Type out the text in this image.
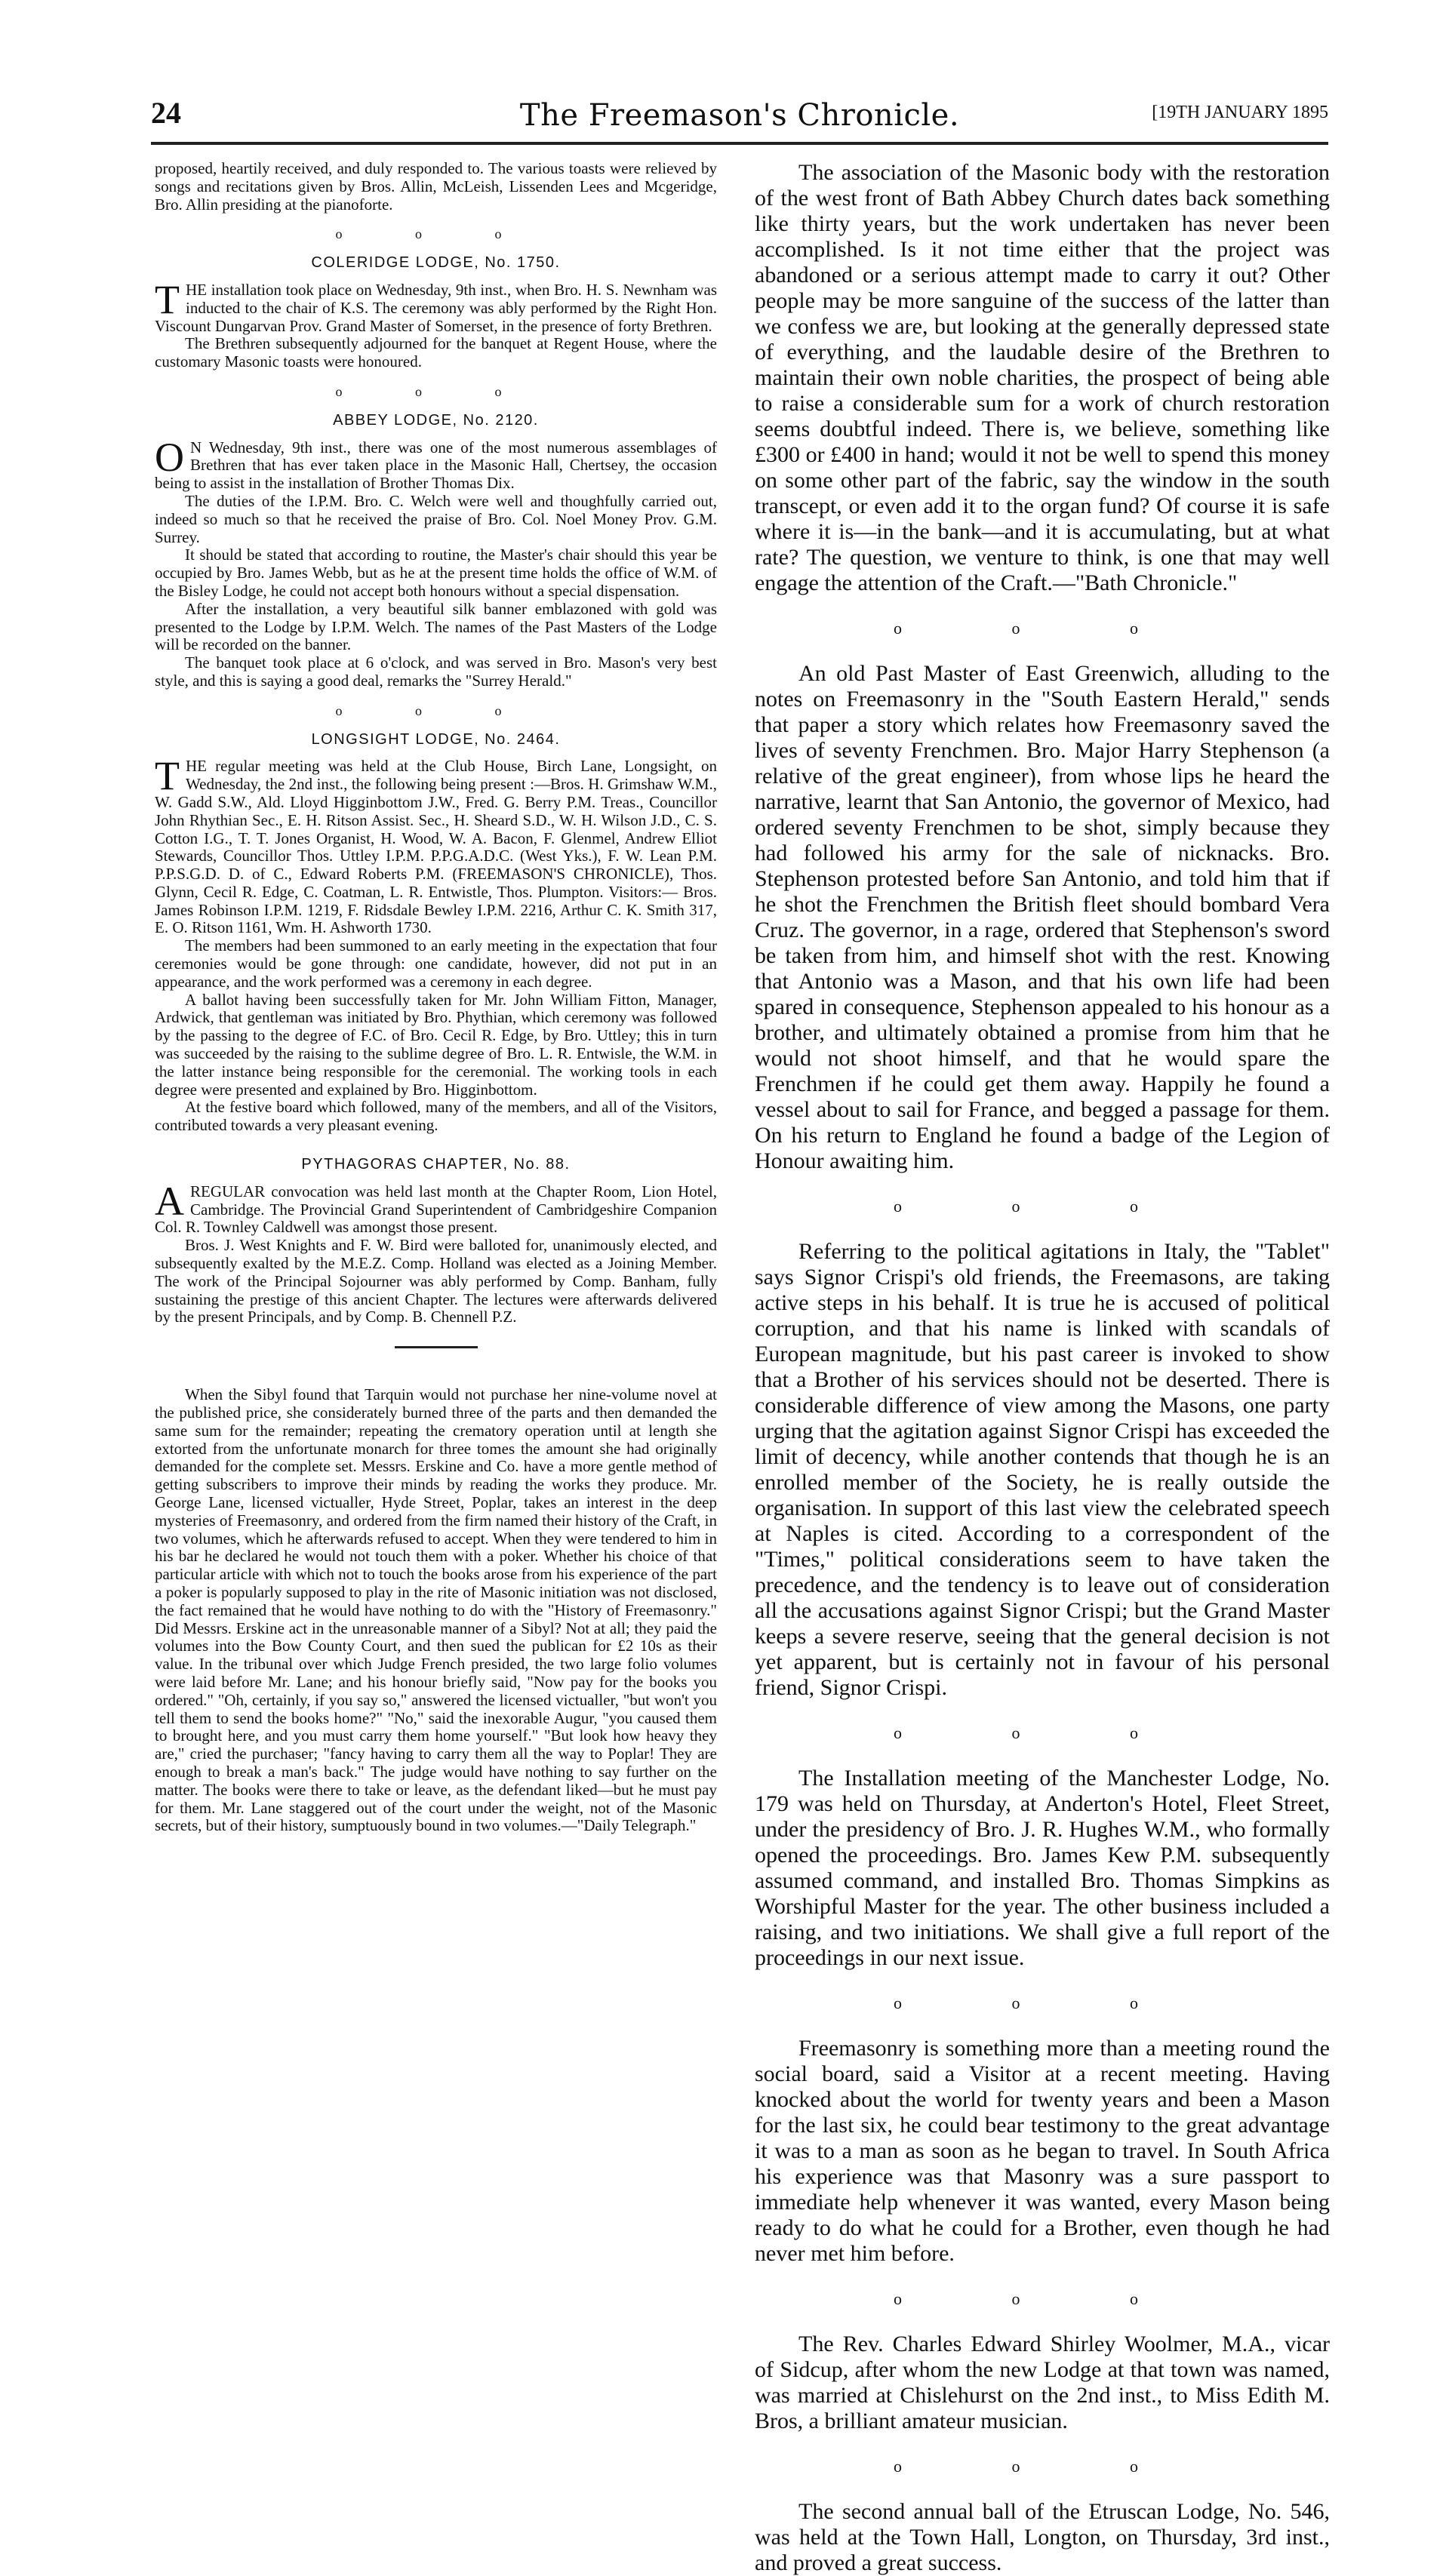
24	The Freemason's Chronicle.	[19TH JANUARY 1895

proposed, heartily received, and duly responded to. The various toasts were relieved by songs and recitations given by Bros. Allin, McLeish, Lissenden Lees and Mcgeridge, Bro. Allin presiding at the pianoforte.

o o o
COLERIDGE LODGE, No. 1750.

THE installation took place on Wednesday, 9th inst., when Bro. H. S. Newnham was inducted to the chair of K.S. The ceremony was ably performed by the Right Hon. Viscount Dungarvan Prov. Grand Master of Somerset, in the presence of forty Brethren.

The Brethren subsequently adjourned for the banquet at Regent House, where the customary Masonic toasts were honoured.

o o o
ABBEY LODGE, No. 2120.

O N Wednesday, 9th inst., there was one of the most numerous assemblages of Brethren that has ever taken place in the Masonic Hall, Chertsey, the occasion being to assist in the installation of Brother Thomas Dix.

The duties of the I.P.M. Bro. C. Welch were well and thoughfully carried out, indeed so much so that he received the praise of Bro. Col. Noel Money Prov. G.M. Surrey.

It should be stated that according to routine, the Master's chair should this year be occupied by Bro. James Webb, but as he at the present time holds the office of W.M. of the Bisley Lodge, he could not accept both honours without a special dispensation.

After the installation, a very beautiful silk banner emblazoned with gold was presented to the Lodge by I.P.M. Welch. The names of the Past Masters of the Lodge will be recorded on the banner.

The banquet took place at 6 o'clock, and was served in Bro. Mason's very best style, and this is saying a good deal, remarks the "Surrey Herald."

o o o
LONGSIGHT LODGE, No. 2464.

THE regular meeting was held at the Club House, Birch Lane, Longsight, on Wednesday, the 2nd inst., the following being present :—Bros. H. Grimshaw W.M., W. Gadd S.W., Ald. Lloyd Higginbottom J.W., Fred. G. Berry P.M. Treas., Councillor John Rhythian Sec., E. H. Ritson Assist. Sec., H. Sheard S.D., W. H. Wilson J.D., C. S. Cotton I.G., T. T. Jones Organist, H. Wood, W. A. Bacon, F. Glenmel, Andrew Elliot Stewards, Councillor Thos. Uttley I.P.M. P.P.G.A.D.C. (West Yks.), F. W. Lean P.M. P.P.S.G.D. D. of C., Edward Roberts P.M. (FREEMASON'S CHRONICLE), Thos. Glynn, Cecil R. Edge, C. Coatman, L. R. Entwistle, Thos. Plumpton. Visitors:— Bros. James Robinson I.P.M. 1219, F. Ridsdale Bewley I.P.M. 2216, Arthur C. K. Smith 317, E. O. Ritson 1161, Wm. H. Ashworth 1730.

The members had been summoned to an early meeting in the expectation that four ceremonies would be gone through: one candidate, however, did not put in an appearance, and the work performed was a ceremony in each degree.

A ballot having been successfully taken for Mr. John William Fitton, Manager, Ardwick, that gentleman was initiated by Bro. Phythian, which ceremony was followed by the passing to the degree of F.C. of Bro. Cecil R. Edge, by Bro. Uttley; this in turn was succeeded by the raising to the sublime degree of Bro. L. R. Entwisle, the W.M. in the latter instance being responsible for the ceremonial. The working tools in each degree were presented and explained by Bro. Higginbottom.

At the festive board which followed, many of the members, and all of the Visitors, contributed towards a very pleasant evening.

PYTHAGORAS CHAPTER, No. 88.

AREGULAR convocation was held last month at the Chapter Room, Lion Hotel, Cambridge. The Provincial Grand Superintendent of Cambridgeshire Companion Col. R. Townley Caldwell was amongst those present.

Bros. J. West Knights and F. W. Bird were balloted for, unanimously elected, and subsequently exalted by the M.E.Z. Comp. Holland was elected as a Joining Member. The work of the Principal Sojourner was ably performed by Comp. Banham, fully sustaining the prestige of this ancient Chapter. The lectures were afterwards delivered by the present Principals, and by Comp. B. Chennell P.Z.

When the Sibyl found that Tarquin would not purchase her nine-volume novel at the published price, she considerately burned three of the parts and then demanded the same sum for the remainder; repeating the crematory operation until at length she extorted from the unfortunate monarch for three tomes the amount she had originally demanded for the complete set. Messrs. Erskine and Co. have a more gentle method of getting subscribers to improve their minds by reading the works they produce. Mr. George Lane, licensed victualler, Hyde Street, Poplar, takes an interest in the deep mysteries of Freemasonry, and ordered from the firm named their history of the Craft, in two volumes, which he afterwards refused to accept. When they were tendered to him in his bar he declared he would not touch them with a poker. Whether his choice of that particular article with which not to touch the books arose from his experience of the part a poker is popularly supposed to play in the rite of Masonic initiation was not disclosed, the fact remained that he would have nothing to do with the "History of Freemasonry." Did Messrs. Erskine act in the unreasonable manner of a Sibyl? Not at all; they paid the volumes into the Bow County Court, and then sued the publican for £2 10s as their value. In the tribunal over which Judge French presided, the two large folio volumes were laid before Mr. Lane; and his honour briefly said, "Now pay for the books you ordered." "Oh, certainly, if you say so," answered the licensed victualler, "but won't you tell them to send the books home?" "No," said the inexorable Augur, "you caused them to brought here, and you must carry them home yourself." "But look how heavy they are," cried the purchaser; "fancy having to carry them all the way to Poplar! They are enough to break a man's back." The judge would have nothing to say further on the matter. The books were there to take or leave, as the defendant liked—but he must pay for them. Mr. Lane staggered out of the court under the weight, not of the Masonic secrets, but of their history, sumptuously bound in two volumes.—"Daily Telegraph."

The association of the Masonic body with the restoration of the west front of Bath Abbey Church dates back something like thirty years, but the work undertaken has never been accomplished. Is it not time either that the project was abandoned or a serious attempt made to carry it out? Other people may be more sanguine of the success of the latter than we confess we are, but looking at the generally depressed state of everything, and the laudable desire of the Brethren to maintain their own noble charities, the prospect of being able to raise a considerable sum for a work of church restoration seems doubtful indeed. There is, we believe, something like £300 or £400 in hand; would it not be well to spend this money on some other part of the fabric, say the window in the south transcept, or even add it to the organ fund? Of course it is safe where it is—in the bank—and it is accumulating, but at what rate? The question, we venture to think, is one that may well engage the attention of the Craft.—"Bath Chronicle."

o o o

An old Past Master of East Greenwich, alluding to the notes on Freemasonry in the "South Eastern Herald," sends that paper a story which relates how Freemasonry saved the lives of seventy Frenchmen. Bro. Major Harry Stephenson (a relative of the great engineer), from whose lips he heard the narrative, learnt that San Antonio, the governor of Mexico, had ordered seventy Frenchmen to be shot, simply because they had followed his army for the sale of nicknacks. Bro. Stephenson protested before San Antonio, and told him that if he shot the Frenchmen the British fleet should bombard Vera Cruz. The governor, in a rage, ordered that Stephenson's sword be taken from him, and himself shot with the rest. Knowing that Antonio was a Mason, and that his own life had been spared in consequence, Stephenson appealed to his honour as a brother, and ultimately obtained a promise from him that he would not shoot himself, and that he would spare the Frenchmen if he could get them away. Happily he found a vessel about to sail for France, and begged a passage for them. On his return to England he found a badge of the Legion of Honour awaiting him.

o o o

Referring to the political agitations in Italy, the "Tablet" says Signor Crispi's old friends, the Freemasons, are taking active steps in his behalf. It is true he is accused of political corruption, and that his name is linked with scandals of European magnitude, but his past career is invoked to show that a Brother of his services should not be deserted. There is considerable difference of view among the Masons, one party urging that the agitation against Signor Crispi has exceeded the limit of decency, while another contends that though he is an enrolled member of the Society, he is really outside the organisation. In support of this last view the celebrated speech at Naples is cited. According to a correspondent of the "Times," political considerations seem to have taken the precedence, and the tendency is to leave out of consideration all the accusations against Signor Crispi; but the Grand Master keeps a severe reserve, seeing that the general decision is not yet apparent, but is certainly not in favour of his personal friend, Signor Crispi.

o o o

The Installation meeting of the Manchester Lodge, No. 179 was held on Thursday, at Anderton's Hotel, Fleet Street, under the presidency of Bro. J. R. Hughes W.M., who formally opened the proceedings. Bro. James Kew P.M. subsequently assumed command, and installed Bro. Thomas Simpkins as Worshipful Master for the year. The other business included a raising, and two initiations. We shall give a full report of the proceedings in our next issue.

o o o

Freemasonry is something more than a meeting round the social board, said a Visitor at a recent meeting. Having knocked about the world for twenty years and been a Mason for the last six, he could bear testimony to the great advantage it was to a man as soon as he began to travel. In South Africa his experience was that Masonry was a sure passport to immediate help whenever it was wanted, every Mason being ready to do what he could for a Brother, even though he had never met him before.

o o o

The Rev. Charles Edward Shirley Woolmer, M.A., vicar of Sidcup, after whom the new Lodge at that town was named, was married at Chislehurst on the 2nd inst., to Miss Edith M. Bros, a brilliant amateur musician.

o o o

The second annual ball of the Etruscan Lodge, No. 546, was held at the Town Hall, Longton, on Thursday, 3rd inst., and proved a great success.
